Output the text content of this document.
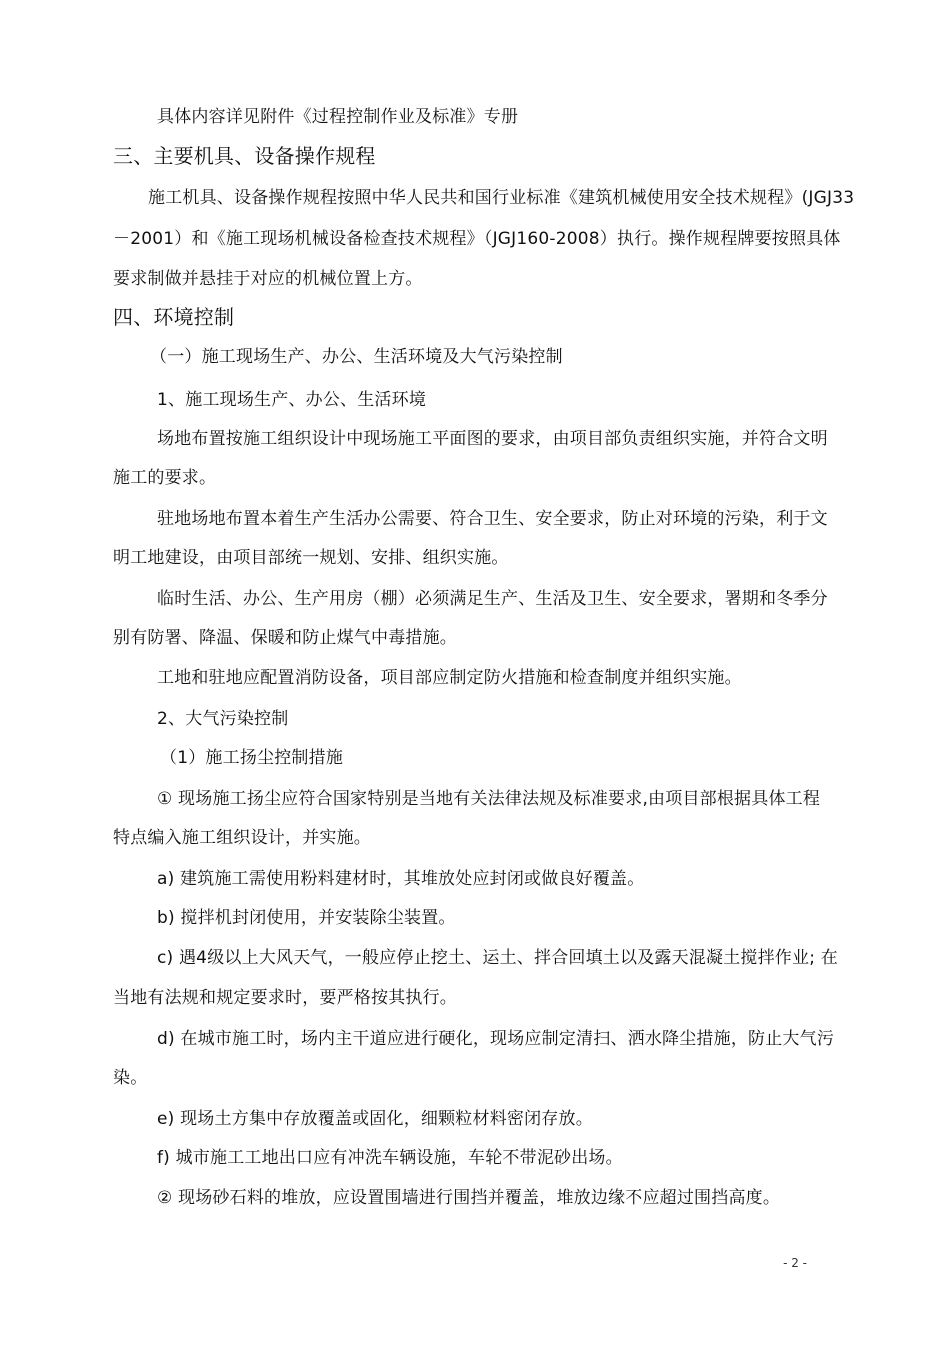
具体内容详见附件《过程控制作业及标准》专册
三、主要机具、设备操作规程
施工机具、设备操作规程按照中华人民共和国行业标准《建筑机械使用安全技术规程》(JGJ33
－2001）和《施工现场机械设备检查技术规程》（JGJ160-2008）执行。操作规程牌要按照具体
要求制做并悬挂于对应的机械位置上方。
四、环境控制
（一）施工现场生产、办公、生活环境及大气污染控制
1、施工现场生产、办公、生活环境
场地布置按施工组织设计中现场施工平面图的要求，由项目部负责组织实施，并符合文明
施工的要求。
驻地场地布置本着生产生活办公需要、符合卫生、安全要求，防止对环境的污染，利于文
明工地建设，由项目部统一规划、安排、组织实施。
临时生活、办公、生产用房（棚）必须满足生产、生活及卫生、安全要求，署期和冬季分
别有防署、降温、保暖和防止煤气中毒措施。
工地和驻地应配置消防设备，项目部应制定防火措施和检查制度并组织实施。
2、大气污染控制
（1）施工扬尘控制措施
① 现场施工扬尘应符合国家特别是当地有关法律法规及标准要求,由项目部根据具体工程
特点编入施工组织设计，并实施。
a) 建筑施工需使用粉料建材时，其堆放处应封闭或做良好覆盖。
b) 搅拌机封闭使用，并安装除尘装置。
c) 遇4级以上大风天气，一般应停止挖土、运土、拌合回填土以及露天混凝土搅拌作业; 在
当地有法规和规定要求时，要严格按其执行。
d) 在城市施工时，场内主干道应进行硬化，现场应制定清扫、洒水降尘措施，防止大气污
染。
e) 现场土方集中存放覆盖或固化，细颗粒材料密闭存放。
f) 城市施工工地出口应有冲洗车辆设施，车轮不带泥砂出场。
② 现场砂石料的堆放，应设置围墙进行围挡并覆盖，堆放边缘不应超过围挡高度。
- 2 -
